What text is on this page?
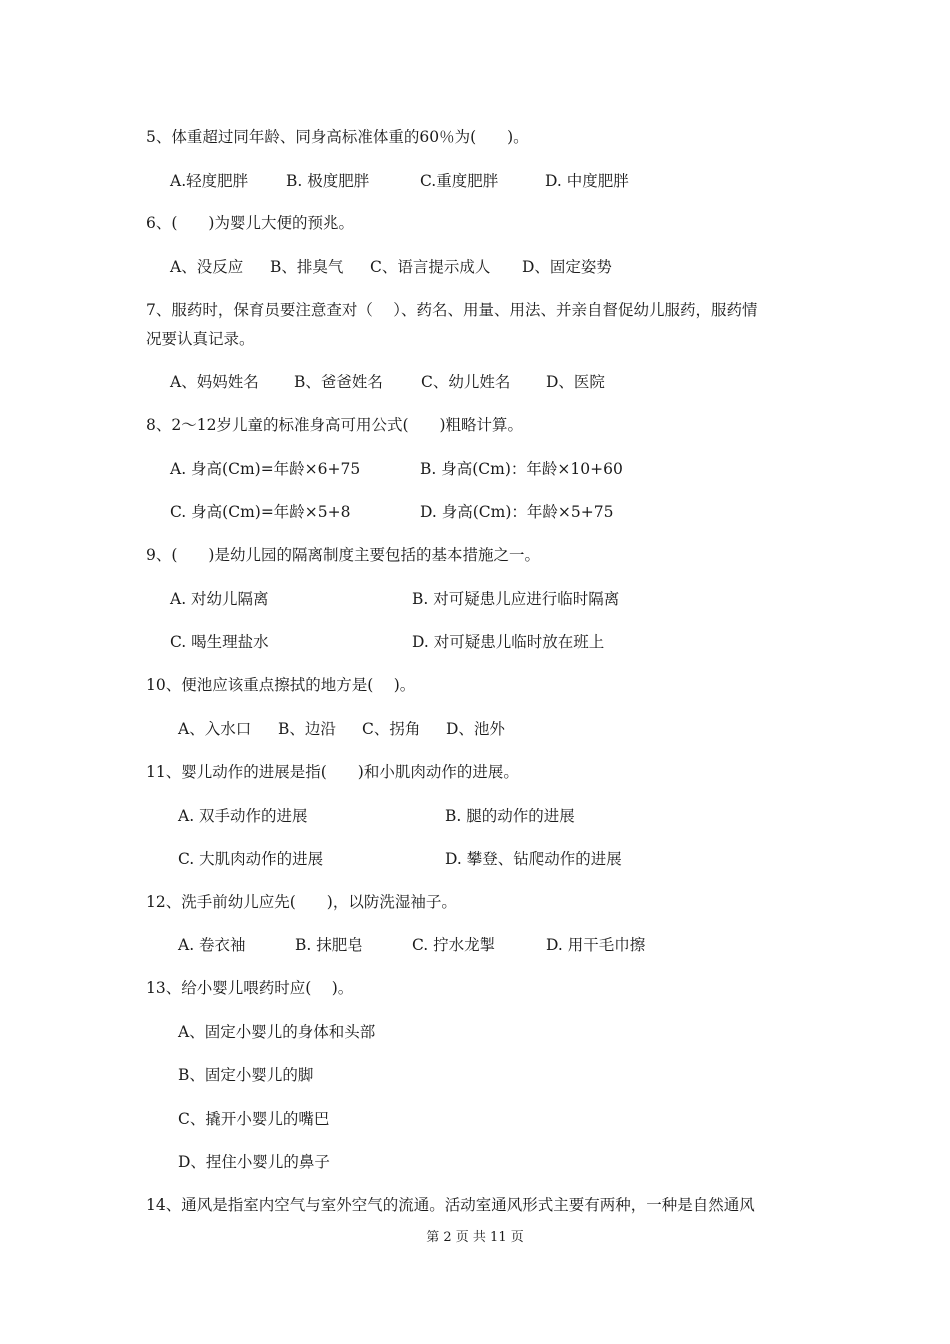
5、体重超过同年龄、同身高标准体重的60％为(　　)。
A.轻度肥胖 B. 极度肥胖	C.重度肥胖	D. 中度肥胖
6、(　　)为婴儿大便的预兆。
A、没反应 B、排臭气 C、语言提示成人 D、固定姿势
7、服药时，保育员要注意查对（　 ）、药名、用量、用法、并亲自督促幼儿服药，服药情
况要认真记录。
A、妈妈姓名 B、爸爸姓名 C、幼儿姓名 D、医院
8、2～12岁儿童的标准身高可用公式(　　)粗略计算。
A. 身高(Cm)=年龄×6+75	B. 身高(Cm)：年龄×10+60
C. 身高(Cm)=年龄×5+8	D. 身高(Cm)：年龄×5+75
9、(　　)是幼儿园的隔离制度主要包括的基本措施之一。
A. 对幼儿隔离	B. 对可疑患儿应进行临时隔离
C. 喝生理盐水	D. 对可疑患儿临时放在班上
10、便池应该重点擦拭的地方是(　 )。
A、入水口 B、边沿 C、拐角 D、池外
11、婴儿动作的进展是指(　　)和小肌肉动作的进展。
A. 双手动作的进展	B. 腿的动作的进展
C. 大肌肉动作的进展	D. 攀登、钻爬动作的进展
12、洗手前幼儿应先(　　)，以防洗湿袖子。
A. 卷衣袖	B. 抹肥皂	C. 拧水龙掣	D. 用干毛巾擦
13、给小婴儿喂药时应(　 )。
A、固定小婴儿的身体和头部
B、固定小婴儿的脚
C、撬开小婴儿的嘴巴
D、捏住小婴儿的鼻子
14、通风是指室内空气与室外空气的流通。活动室通风形式主要有两种，一种是自然通风
第 2 页 共 11 页
